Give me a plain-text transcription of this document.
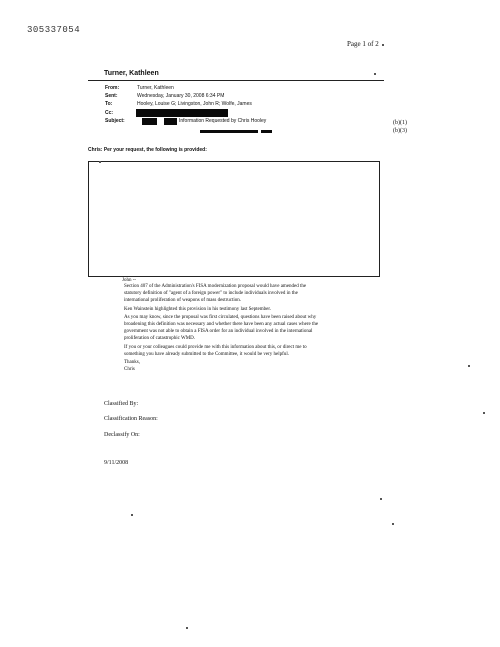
305337054
Page 1 of 2
Turner, Kathleen
From:	Turner, Kathleen
Sent:	Wednesday, January 30, 2008 6:34 PM
To:	Hooley, Louise G; Livingston, John R; Wolfe, James
Cc:
Subject:	Information Requested by Chris Hooley	(b)(1)
(b)(3)
Chris: Per your request, the following is provided:
John --
Section 407 of the Administration's FISA modernization proposal would have amended the
statutory definition of "agent of a foreign power" to include individuals involved in the
international proliferation of weapons of mass destruction.
Ken Wainstein highlighted this provision in his testimony last September.
As you may know, since the proposal was first circulated, questions have been raised about why
broadening this definition was necessary and whether there have been any actual cases where the
government was not able to obtain a FISA order for an individual involved in the international
proliferation of catastrophic WMD.
If you or your colleagues could provide me with this information about this, or direct me to
something you have already submitted to the Committee, it would be very helpful.
Thanks,
Chris
Classified By:
Classification Reason:
Declassify On:
9/11/2008
